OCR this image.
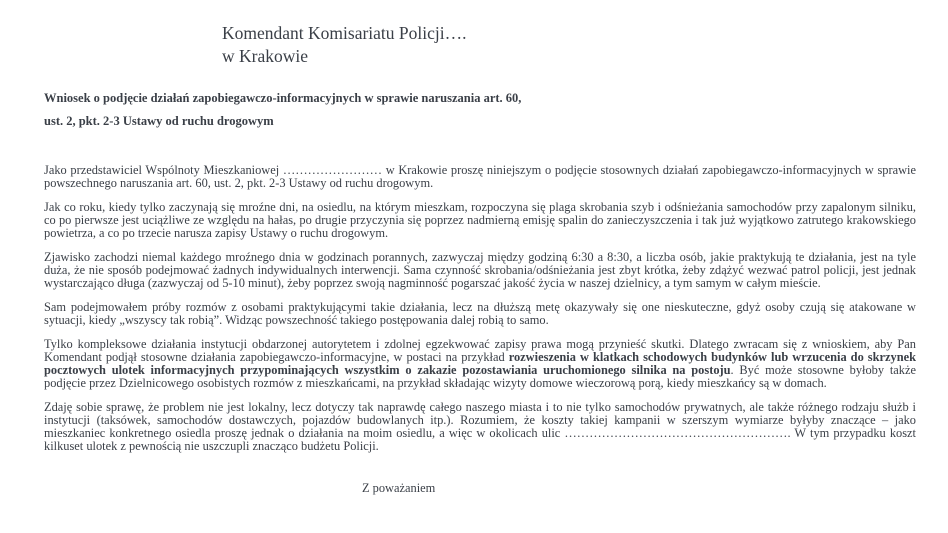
Komendant Komisariatu Policji….
w Krakowie

Wniosek o podjęcie działań zapobiegawczo-informacyjnych w sprawie naruszania art. 60,

ust. 2, pkt. 2-3 Ustawy od ruchu drogowym

Jako przedstawiciel Wspólnoty Mieszkaniowej …………………… w Krakowie proszę niniejszym o podjęcie stosownych działań zapobiegawczo-informacyjnych w sprawie powszechnego naruszania art. 60, ust. 2, pkt. 2-3 Ustawy od ruchu drogowym.

Jak co roku, kiedy tylko zaczynają się mroźne dni, na osiedlu, na którym mieszkam, rozpoczyna się plaga skrobania szyb i odśnieżania samochodów przy zapalonym silniku, co po pierwsze jest uciążliwe ze względu na hałas, po drugie przyczynia się poprzez nadmierną emisję spalin do zanieczyszczenia i tak już wyjątkowo zatrutego krakowskiego powietrza, a co po trzecie narusza zapisy Ustawy o ruchu drogowym.

Zjawisko zachodzi niemal każdego mroźnego dnia w godzinach porannych, zazwyczaj między godziną 6:30 a 8:30, a liczba osób, jakie praktykują te działania, jest na tyle duża, że nie sposób podejmować żadnych indywidualnych interwencji. Sama czynność skrobania/odśnieżania jest zbyt krótka, żeby zdążyć wezwać patrol policji, jest jednak wystarczająco długa (zazwyczaj od 5-10 minut), żeby poprzez swoją nagminność pogarszać jakość życia w naszej dzielnicy, a tym samym w całym mieście.

Sam podejmowałem próby rozmów z osobami praktykującymi takie działania, lecz na dłuższą metę okazywały się one nieskuteczne, gdyż osoby czują się atakowane w sytuacji, kiedy „wszyscy tak robią”. Widząc powszechność takiego postępowania dalej robią to samo.

Tylko kompleksowe działania instytucji obdarzonej autorytetem i zdolnej egzekwować zapisy prawa mogą przynieść skutki. Dlatego zwracam się z wnioskiem, aby Pan Komendant podjął stosowne działania zapobiegawczo-informacyjne, w postaci na przykład rozwieszenia w klatkach schodowych budynków lub wrzucenia do skrzynek pocztowych ulotek informacyjnych przypominających wszystkim o zakazie pozostawiania uruchomionego silnika na postoju. Być może stosowne byłoby także podjęcie przez Dzielnicowego osobistych rozmów z mieszkańcami, na przykład składając wizyty domowe wieczorową porą, kiedy mieszkańcy są w domach.

Zdaję sobie sprawę, że problem nie jest lokalny, lecz dotyczy tak naprawdę całego naszego miasta i to nie tylko samochodów prywatnych, ale także różnego rodzaju służb i instytucji (taksówek, samochodów dostawczych, pojazdów budowlanych itp.). Rozumiem, że koszty takiej kampanii w szerszym wymiarze byłyby znaczące – jako mieszkaniec konkretnego osiedla proszę jednak o działania na moim osiedlu, a więc w okolicach ulic ………………………………………………. W tym przypadku koszt kilkuset ulotek z pewnością nie uszczupli znacząco budżetu Policji.

Z poważaniem
